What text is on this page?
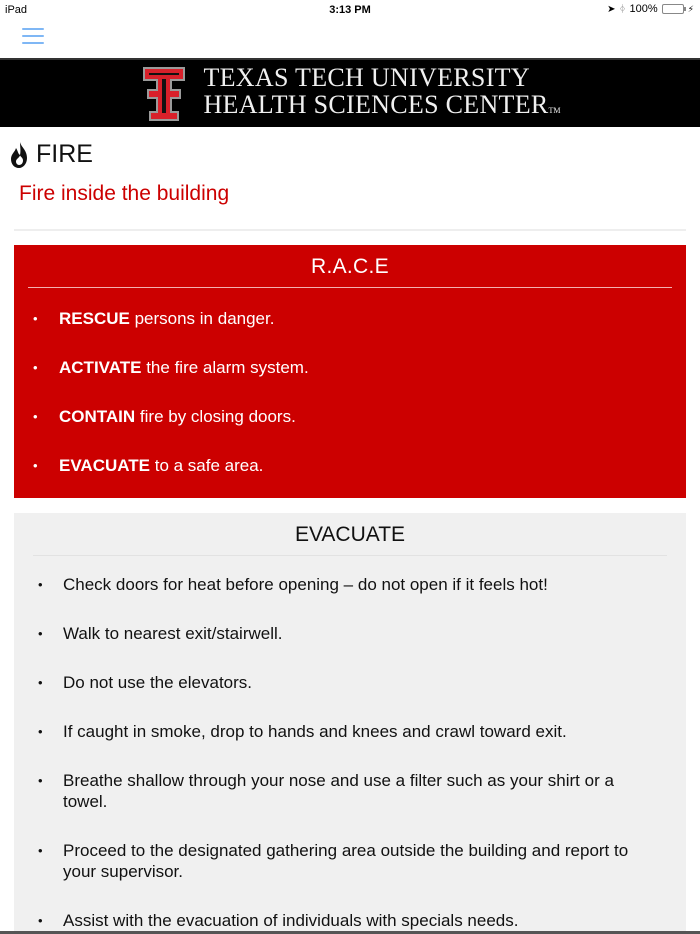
iPad	3:13 PM	➤ ᛄ 100%	⚡
TEXAS TECH UNIVERSITY
HEALTH SCIENCES CENTERTM
FIRE
Fire inside the building
R.A.C.E
• RESCUE persons in danger.
• ACTIVATE the fire alarm system.
• CONTAIN fire by closing doors.
• EVACUATE to a safe area.
EVACUATE
• Check doors for heat before opening – do not open if it feels hot!
• Walk to nearest exit/stairwell.
• Do not use the elevators.
• If caught in smoke, drop to hands and knees and crawl toward exit.
• Breathe shallow through your nose and use a filter such as your shirt or a towel.
• Proceed to the designated gathering area outside the building and report to your supervisor.
• Assist with the evacuation of individuals with specials needs.
